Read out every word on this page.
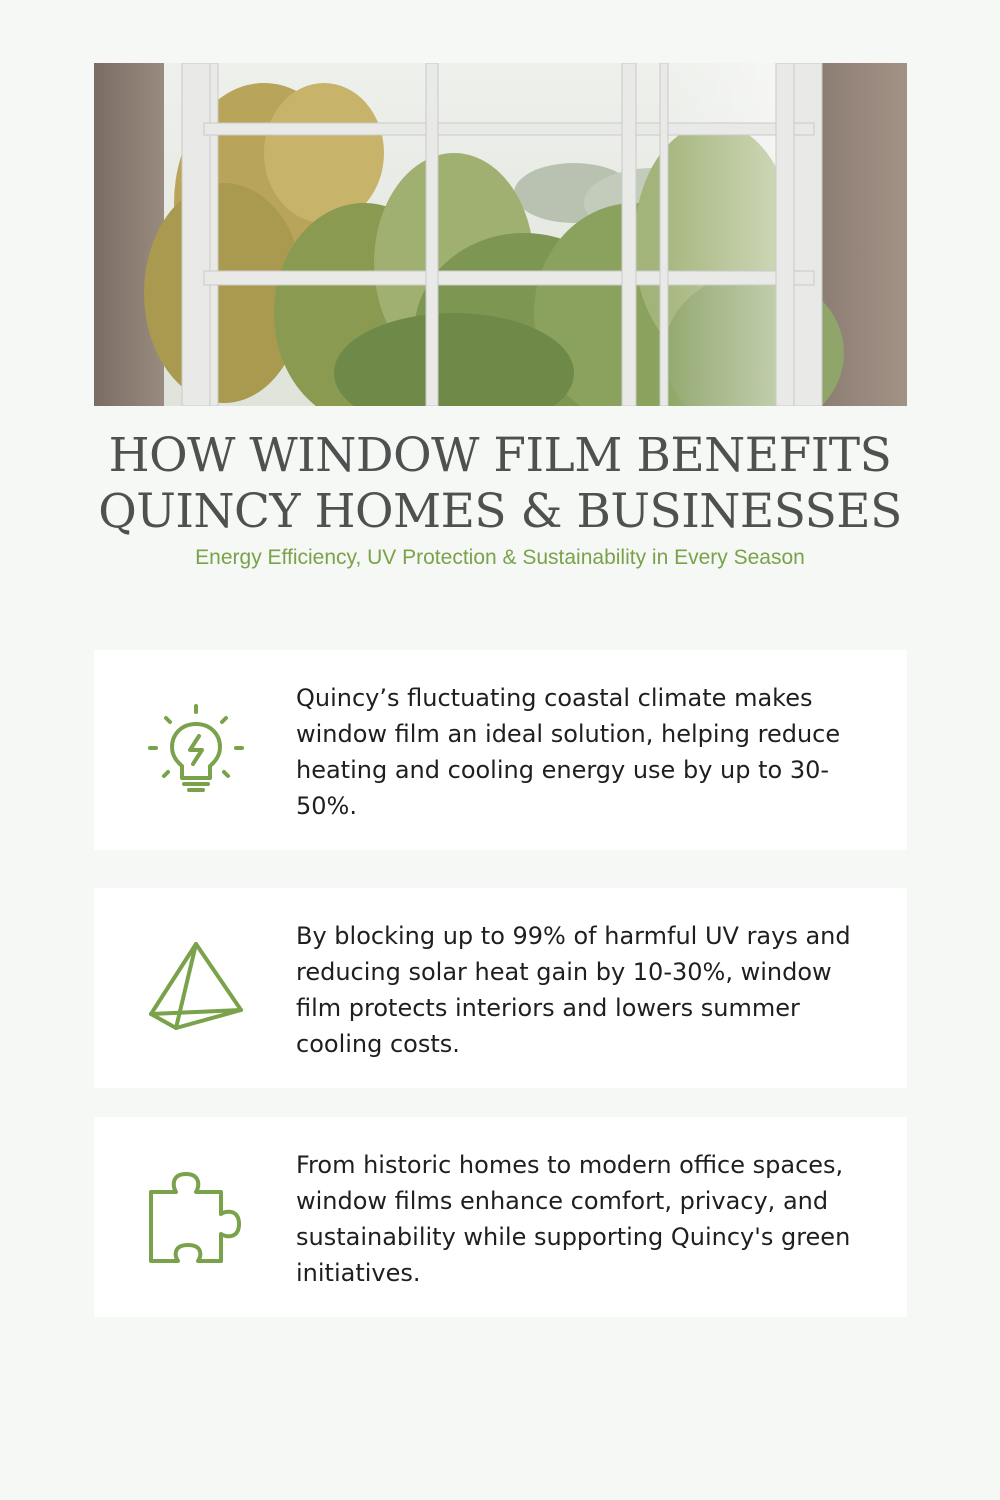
HOW WINDOW FILM BENEFITS
QUINCY HOMES & BUSINESSES

Energy Efficiency, UV Protection & Sustainability in Every Season

Quincy’s fluctuating coastal climate makes window film an ideal solution, helping reduce heating and cooling energy use by up to 30-50%.

By blocking up to 99% of harmful UV rays and reducing solar heat gain by 10-30%, window film protects interiors and lowers summer cooling costs.

From historic homes to modern office spaces, window films enhance comfort, privacy, and sustainability while supporting Quincy's green initiatives.
